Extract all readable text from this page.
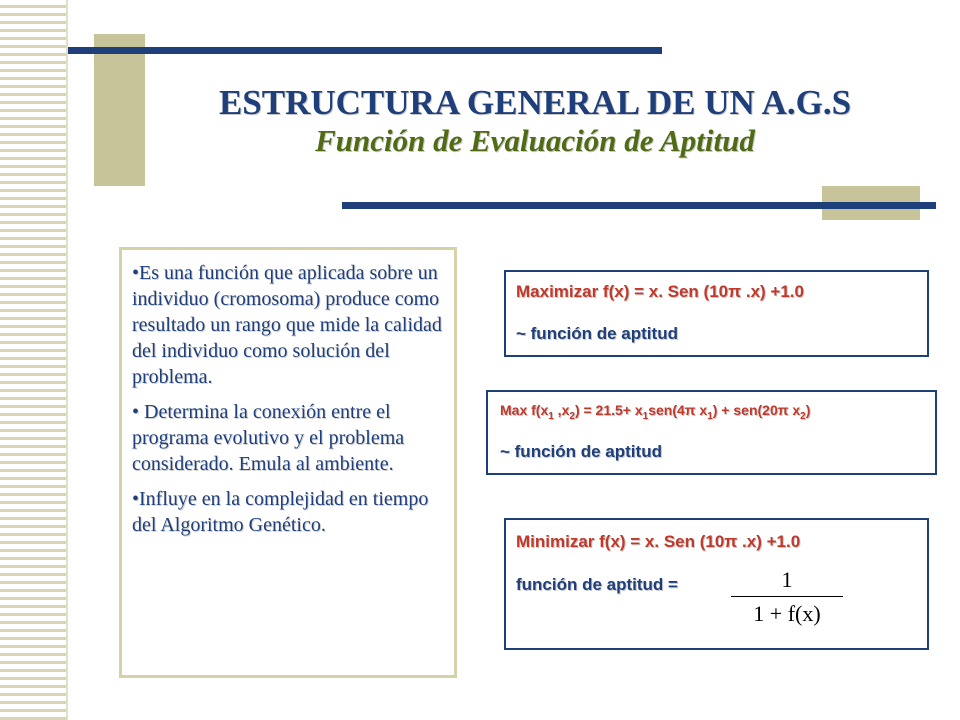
ESTRUCTURA GENERAL DE UN A.G.S
Función de Evaluación de Aptitud

•Es una función que aplicada sobre un individuo (cromosoma) produce como resultado un rango que mide la calidad del individuo como solución del problema.

• Determina la conexión entre el programa evolutivo y el problema considerado. Emula al ambiente.

•Influye en la complejidad en tiempo del Algoritmo Genético.

Maximizar f(x) = x. Sen (10π .x) +1.0
~ función de aptitud
Max $f(x_1$ $,x_2) = 21.5+ x_1sen(4\pi$ $x_1) + sen(20\pi$ $x_2$)
~ función de aptitud
Minimizar f(x) = x. Sen (10π .x) +1.0
función de aptitud =	1
1 + f(x)
